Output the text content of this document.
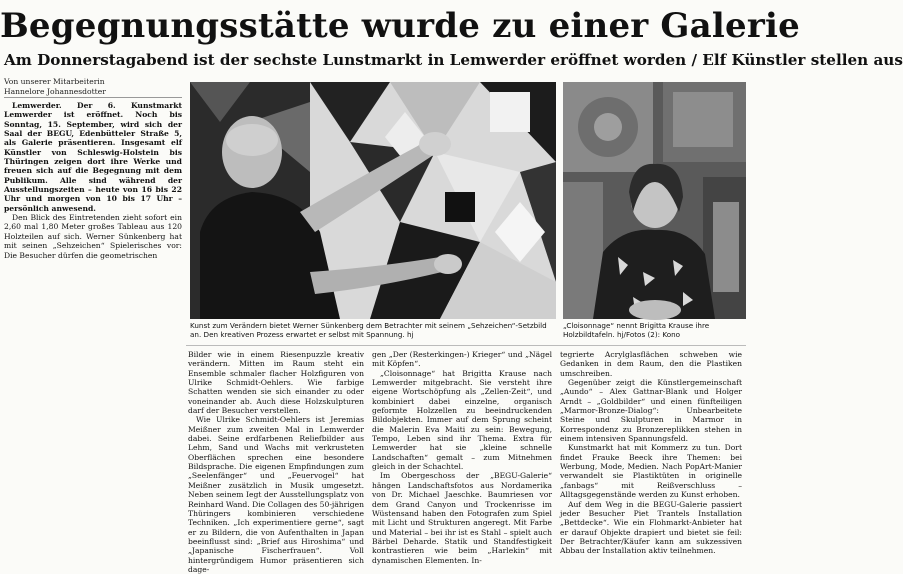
Begegnungsstätte wurde zu einer Galerie
Am Donnerstagabend ist der sechste Lunstmarkt in Lemwerder eröffnet worden / Elf Künstler stellen aus
Von unserer Mitarbeiterin
Hannelore Johannesdotter

Lemwerder. Der 6. Kunstmarkt Lemwerder ist eröffnet. Noch bis Sonntag, 15. September, wird sich der Saal der BEGU, Edenbütteler Straße 5, als Galerie präsentieren. Insgesamt elf Künstler von Schleswig-Holstein bis Thüringen zeigen dort ihre Werke und freuen sich auf die Begegnung mit dem Publikum. Alle sind während der Ausstellungszeiten – heute von 16 bis 22 Uhr und morgen von 10 bis 17 Uhr – persönlich anwesend.

Den Blick des Eintretenden zieht sofort ein 2,60 mal 1,80 Meter großes Tableau aus 120 Holzteilen auf sich. Werner Sünkenberg hat mit seinen „Sehzeichen“ Spielerisches vor: Die Besucher dürfen die geometrischen

Kunst zum Verändern bietet Werner Sünkenberg dem Betrachter mit seinem „Sehzeichen“-Setzbild an. Den kreativen Prozess erwartet er selbst mit Spannung. hj
„Cloisonnage“ nennt Brigitta Krause ihre Holzbildtafeln. hj/Fotos (2): Kono

Bilder wie in einem Riesenpuzzle kreativ verändern. Mitten im Raum steht ein Ensemble schmaler flacher Holzfiguren von Ulrike Schmidt-Oehlers. Wie farbige Schatten wenden sie sich einander zu oder voneinander ab. Auch diese Holzskulpturen darf der Besucher verstellen.

Wie Ulrike Schmidt-Oehlers ist Jeremias Meißner zum zweiten Mal in Lemwerder dabei. Seine erdfarbenen Reliefbilder aus Lehm, Sand und Wachs mit verkrusteten Oberflächen sprechen eine besondere Bildsprache. Die eigenen Empfindungen zum „Seelenfänger“ und „Feuervogel“ hat Meißner zusätzlich in Musik umgesetzt. Neben seinem Iegt der Ausstellungsplatz von Reinhard Wand. Die Collagen des 50-jährigen Thüringers kombinieren verschiedene Techniken. „Ich experimentiere gerne“, sagt er zu Bildern, die von Aufenthalten in Japan beeinflusst sind: „Brief aus Hiroshima“ und „Japanische Fischerfrauen“. Voll hintergründigem Humor präsentieren sich dage-

gen „Der (Resterkingen-) Krieger“ und „Nägel mit Köpfen“.

„Cloisonnage“ hat Brigitta Krause nach Lemwerder mitgebracht. Sie versteht ihre eigene Wortschöpfung als „Zellen-Zeit“, und kombiniert dabei einzelne, organisch geformte Holzzellen zu beeindruckenden Bildobjekten. Immer auf dem Sprung scheint die Malerin Eva Maiti zu sein: Bewegung, Tempo, Leben sind ihr Thema. Extra für Lemwerder hat sie „kleine schnelle Landschaften“ gemalt – zum Mitnehmen gleich in der Schachtel.

Im Obergeschoss der „BEGU-Galerie“ hängen Landschaftsfotos aus Nordamerika von Dr. Michael Jaeschke. Baumriesen vor dem Grand Canyon und Trockenrisse im Wüstensand haben den Fotografen zum Spiel mit Licht und Strukturen angeregt. Mit Farbe und Material – bei ihr ist es Stahl – spielt auch Bärbel Deharde. Statik und Standfestigkeit kontrastieren wie beim „Harlekin“ mit dynamischen Elementen. In-

tegrierte Acrylglasflächen schweben wie Gedanken in dem Raum, den die Plastiken umschreiben.

Gegenüber zeigt die Künstlergemeinschaft „Aundo“ – Alex Gattnar-Blank und Holger Arndt – „Goldbilder“ und einen fünfteiligen „Marmor-Bronze-Dialog“: Unbearbeitete Steine und Skulpturen in Marmor in Korrespondenz zu Bronzereplikken stehen in einem intensiven Spannungsfeld.

Kunstmarkt hat mit Kommerz zu tun. Dort findet Frauke Beeck ihre Themen: bei Werbung, Mode, Medien. Nach PopArt-Manier verwandelt sie Plastiktüten in originelle „fanbags“ mit Reißverschluss – Alltagsgegenstände werden zu Kunst erhoben.

Auf dem Weg in die BEGU-Galerie passiert jeder Besucher Piet Trantels Installation „Bettdecke“. Wie ein Flohmarkt-Anbieter hat er darauf Objekte drapiert und bietet sie feil: Der Betrachter/Käufer kann am sukzessiven Abbau der Installation aktiv teilnehmen.
